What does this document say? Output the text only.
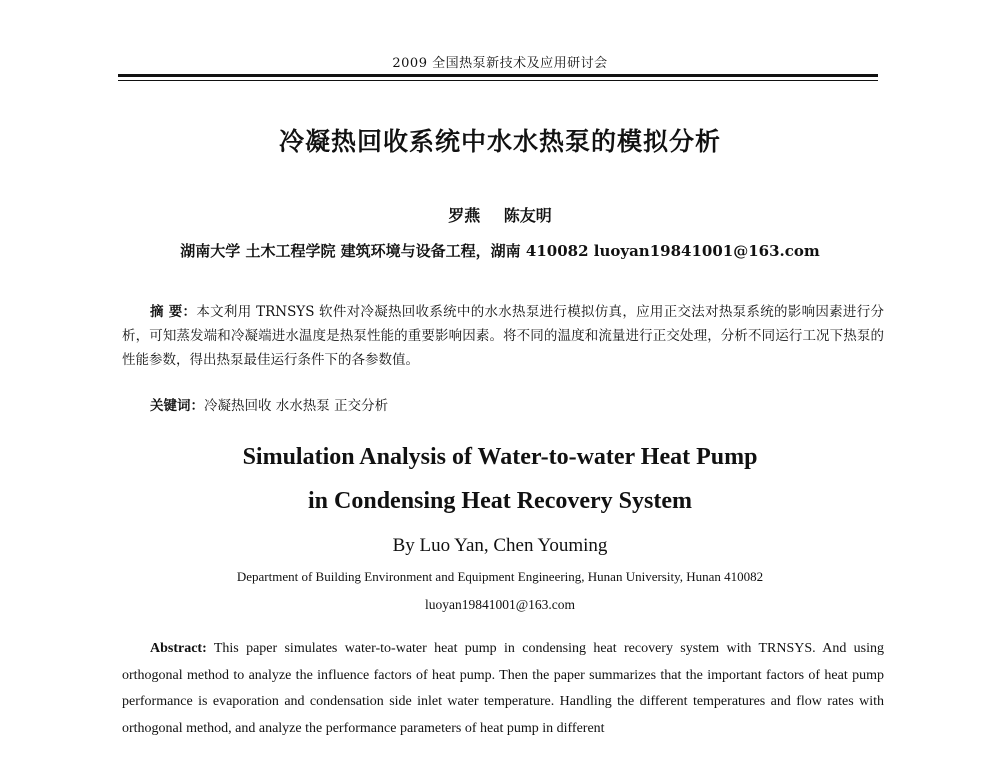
2009 全国热泵新技术及应用研讨会
冷凝热回收系统中水水热泵的模拟分析
罗燕 陈友明
湖南大学 土木工程学院 建筑环境与设备工程，湖南 410082 luoyan19841001@163.com
摘 要：本文利用 TRNSYS 软件对冷凝热回收系统中的水水热泵进行模拟仿真，应用正交法对热泵系统的影响因素进行分析，可知蒸发端和冷凝端进水温度是热泵性能的重要影响因素。将不同的温度和流量进行正交处理，分析不同运行工况下热泵的性能参数，得出热泵最佳运行条件下的各参数值。
关键词：冷凝热回收 水水热泵 正交分析
Simulation Analysis of Water-to-water Heat Pump
in Condensing Heat Recovery System
By Luo Yan, Chen Youming
Department of Building Environment and Equipment Engineering, Hunan University, Hunan 410082
luoyan19841001@163.com
Abstract: This paper simulates water-to-water heat pump in condensing heat recovery system with TRNSYS. And using orthogonal method to analyze the influence factors of heat pump. Then the paper summarizes that the important factors of heat pump performance is evaporation and condensation side inlet water temperature. Handling the different temperatures and flow rates with orthogonal method, and analyze the performance parameters of heat pump in different
